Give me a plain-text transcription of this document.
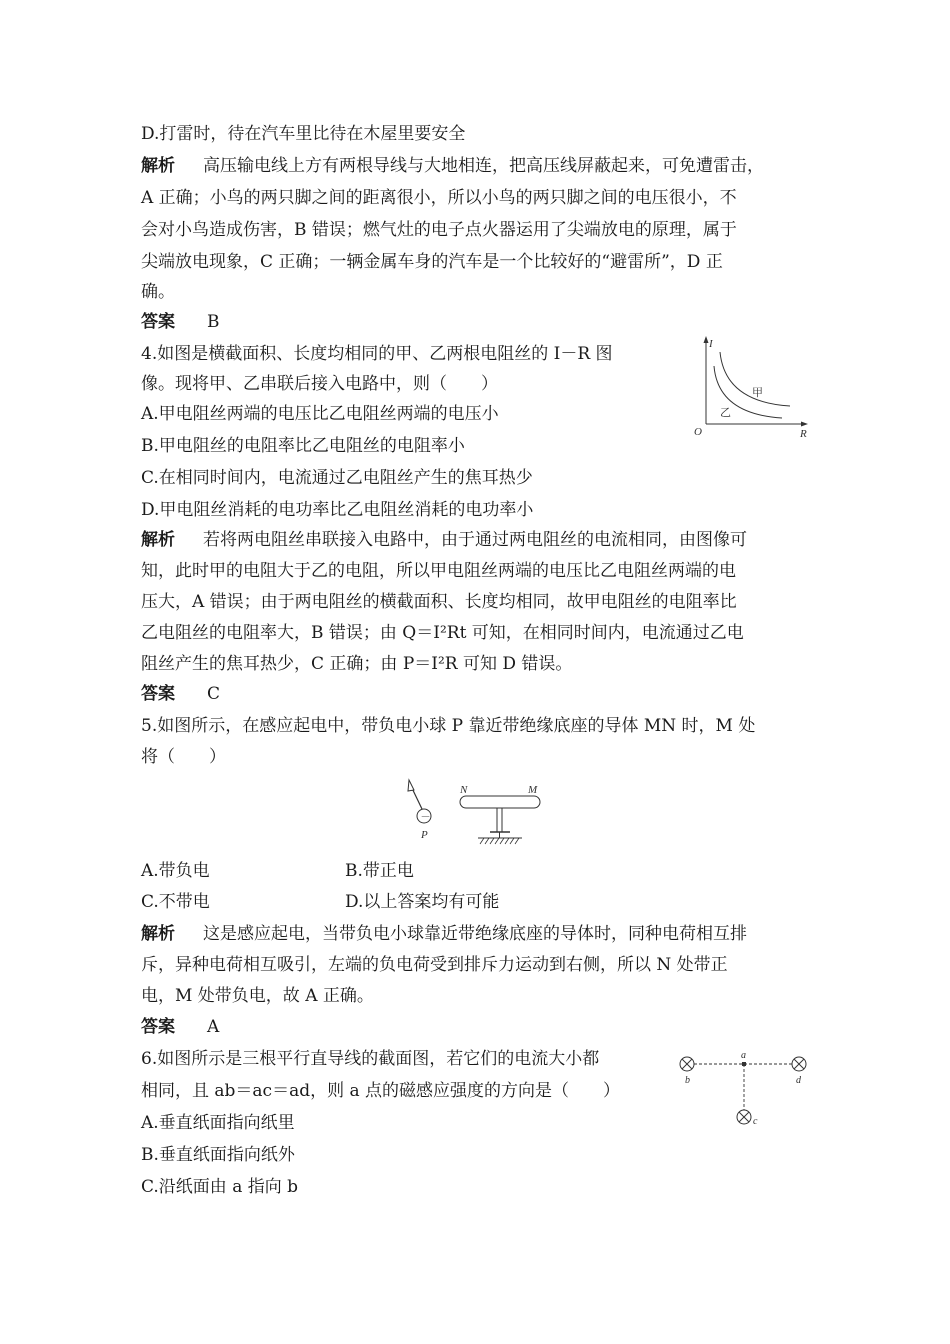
D.打雷时，待在汽车里比待在木屋里要安全
解析 高压输电线上方有两根导线与大地相连，把高压线屏蔽起来，可免遭雷击，
A 正确；小鸟的两只脚之间的距离很小，所以小鸟的两只脚之间的电压很小，不
会对小鸟造成伤害，B 错误；燃气灶的电子点火器运用了尖端放电的原理，属于
尖端放电现象，C 正确；一辆金属车身的汽车是一个比较好的“避雷所”，D 正
确。
答案 B
4.如图是横截面积、长度均相同的甲、乙两根电阻丝的 I－R 图
像。现将甲、乙串联后接入电路中，则（　　）
A.甲电阻丝两端的电压比乙电阻丝两端的电压小
B.甲电阻丝的电阻率比乙电阻丝的电阻率小
C.在相同时间内，电流通过乙电阻丝产生的焦耳热少
D.甲电阻丝消耗的电功率比乙电阻丝消耗的电功率小
解析 若将两电阻丝串联接入电路中，由于通过两电阻丝的电流相同，由图像可
知，此时甲的电阻大于乙的电阻，所以甲电阻丝两端的电压比乙电阻丝两端的电
压大，A 错误；由于两电阻丝的横截面积、长度均相同，故甲电阻丝的电阻率比
乙电阻丝的电阻率大，B 错误；由 Q＝I²Rt 可知，在相同时间内，电流通过乙电
阻丝产生的焦耳热少，C 正确；由 P＝I²R 可知 D 错误。
答案 C
I
R
O
甲
乙
5.如图所示，在感应起电中，带负电小球 P 靠近带绝缘底座的导体 MN 时，M 处
将（　　）
－
P
N	M
A.带负电	B.带正电
C.不带电	D.以上答案均有可能
解析 这是感应起电，当带负电小球靠近带绝缘底座的导体时，同种电荷相互排
斥，异种电荷相互吸引，左端的负电荷受到排斥力运动到右侧，所以 N 处带正
电，M 处带负电，故 A 正确。
答案 A
6.如图所示是三根平行直导线的截面图，若它们的电流大小都
相同，且 ab＝ac＝ad，则 a 点的磁感应强度的方向是（　　）
A.垂直纸面指向纸里
B.垂直纸面指向纸外
C.沿纸面由 a 指向 b
a
b	d
c
